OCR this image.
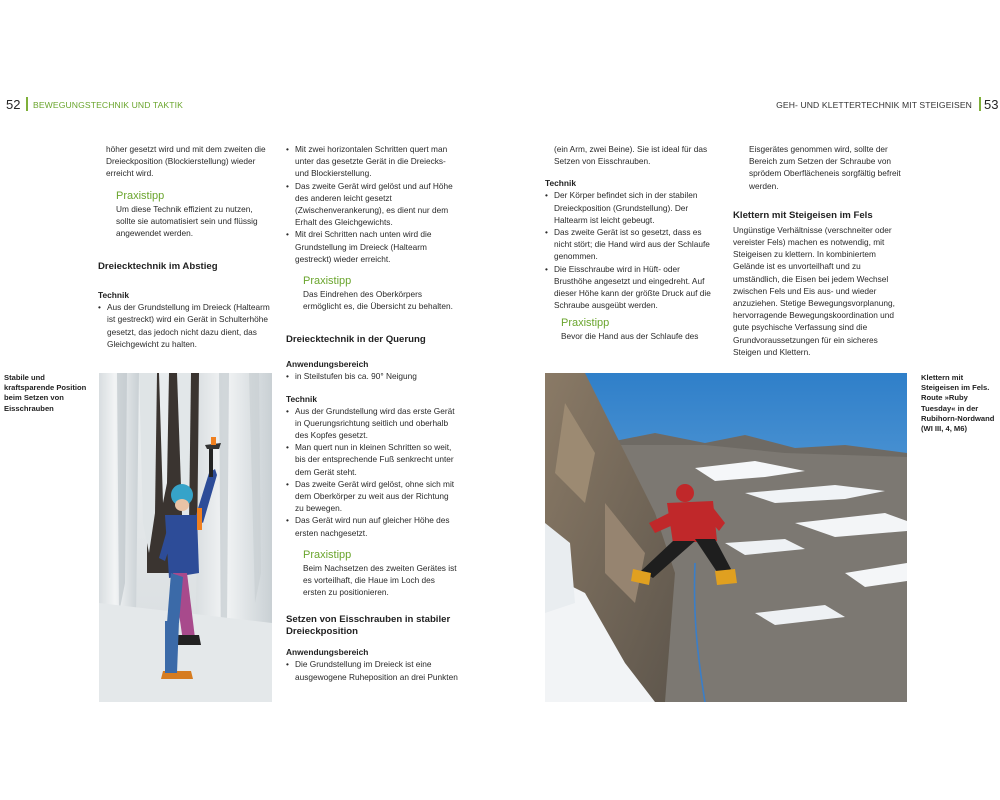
52 BEWEGUNGSTECHNIK UND TAKTIK	GEH- UND KLETTERTECHNIK MIT STEIGEISEN 53

höher gesetzt wird und mit dem zweiten die Dreieckposition (Blockierstellung) wieder erreicht wird.

Praxistipp

Um diese Technik effizient zu nutzen, sollte sie automatisiert sein und flüssig angewendet werden.

Dreiecktechnik im Abstieg
Technik
• Aus der Grundstellung im Dreieck (Haltearm ist gestreckt) wird ein Gerät in Schulterhöhe gesetzt, das jedoch nicht dazu dient, das Gleichgewicht zu halten.
• Mit zwei horizontalen Schritten quert man unter das gesetzte Gerät in die Dreiecks- und Blockierstellung.
• Das zweite Gerät wird gelöst und auf Höhe des anderen leicht gesetzt (Zwischenverankerung), es dient nur dem Erhalt des Gleichgewichts.
• Mit drei Schritten nach unten wird die Grundstellung im Dreieck (Haltearm gestreckt) wieder erreicht.
Praxistipp

Das Eindrehen des Oberkörpers ermöglicht es, die Übersicht zu behalten.

Dreiecktechnik in der Querung
Anwendungsbereich
• in Steilstufen bis ca. 90° Neigung
Technik
• Aus der Grundstellung wird das erste Gerät in Querungsrichtung seitlich und oberhalb des Kopfes gesetzt.
• Man quert nun in kleinen Schritten so weit, bis der entsprechende Fuß senkrecht unter dem Gerät steht.
• Das zweite Gerät wird gelöst, ohne sich mit dem Oberkörper zu weit aus der Richtung zu bewegen.
• Das Gerät wird nun auf gleicher Höhe des ersten nachgesetzt.
Praxistipp

Beim Nachsetzen des zweiten Gerätes ist es vorteilhaft, die Haue im Loch des ersten zu positionieren.

Setzen von Eisschrauben in stabiler Dreieckposition
Anwendungsbereich
• Die Grundstellung im Dreieck ist eine ausgewogene Ruheposition an drei Punkten

(ein Arm, zwei Beine). Sie ist ideal für das Setzen von Eisschrauben.

Technik
• Der Körper befindet sich in der stabilen Dreieckposition (Grundstellung). Der Haltearm ist leicht gebeugt.
• Das zweite Gerät ist so gesetzt, dass es nicht stört; die Hand wird aus der Schlaufe genommen.
• Die Eisschraube wird in Hüft- oder Brusthöhe angesetzt und eingedreht. Auf dieser Höhe kann der größte Druck auf die Schraube ausgeübt werden.
Praxistipp

Bevor die Hand aus der Schlaufe des

Eisgerätes genommen wird, sollte der Bereich zum Setzen der Schraube von sprödem Oberflächeneis sorgfältig befreit werden.

Klettern mit Steigeisen im Fels

Ungünstige Verhältnisse (verschneiter oder vereister Fels) machen es notwendig, mit Steigeisen zu klettern. In kombiniertem Gelände ist es unvorteilhaft und zu umständlich, die Eisen bei jedem Wechsel zwischen Fels und Eis aus- und wieder anzuziehen. Stetige Bewegungsvorplanung, hervorragende Bewegungskoordination und gute psychische Verfassung sind die Grundvoraussetzungen für ein sicheres Steigen und Klettern.

Stabile und kraftsparende Position beim Setzen von Eisschrauben
Klettern mit Steigeisen im Fels. Route »Ruby Tuesday« in der Rubihorn-Nordwand (WI III, 4, M6)
